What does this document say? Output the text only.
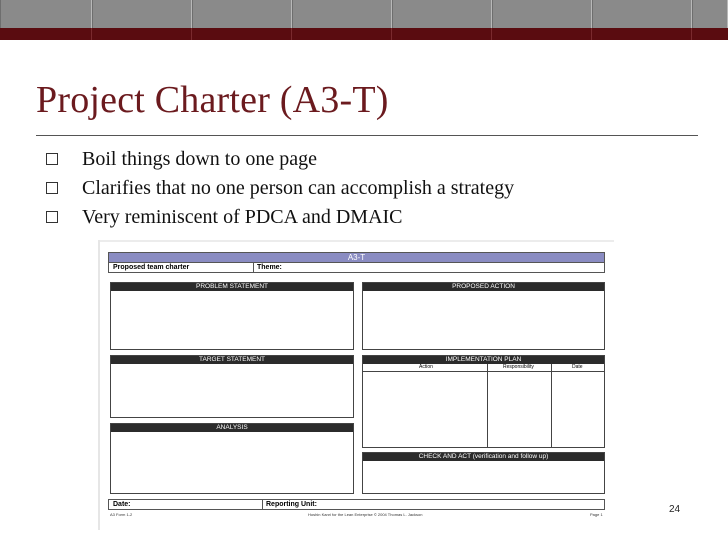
Project Charter (A3-T)
Boil things down to one page
Clarifies that no one person can accomplish a strategy
Very reminiscent of PDCA and DMAIC
A3-T
Proposed team charter	Theme:
PROBLEM STATEMENT	PROPOSED ACTION
TARGET STATEMENT	IMPLEMENTATION PLAN
Action	Responsibility	Date
ANALYSIS
CHECK AND ACT (verification and follow up)
Date:	Reporting Unit:
A3 Form 1-2	Hoshin Kanri for the Lean Enterprise © 2004 Thomas L. Jackson	Page 1	24
